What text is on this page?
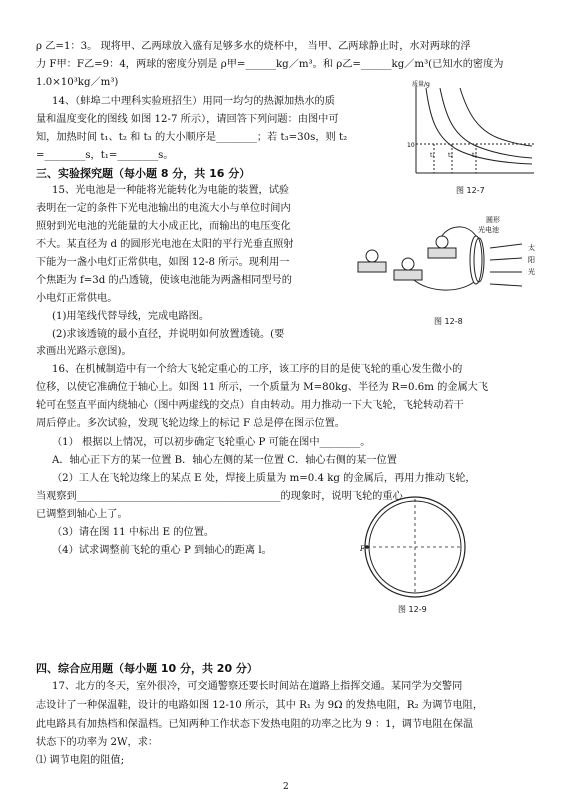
ρ 乙=1：3。 现将甲、乙两球放入盛有足够多水的烧杯中， 当甲、乙两球静止时，水对两球的浮
力 F甲：F乙=9：4，两球的密度分别是 ρ甲=______kg／m³。和 ρ乙=______kg／m³(已知水的密度为
1.0×10³kg／m³)
14、（蚌埠二中理科实验班招生）用同一均匀的热源加热水的质
量和温度变化的图线 如图 12-7 所示），请回答下列问题：由图中可
知，加热时间 t₁、t₂ 和 t₃ 的大小顺序是________；若 t₃=30s，则 t₂
=________s，t₁=________s。
三、实验探究题（每小题 8 分，共 16 分）
15、光电池是一种能将光能转化为电能的装置，试验
表明在一定的条件下光电池输出的电流大小与单位时间内
照射到光电池的光能量的大小成正比，而输出的电压变化
不大。某直径为 d 的圆形光电池在太阳的平行光垂直照射
下能为一盏小电灯正常供电，如图 12-8 所示。现利用一
个焦距为 f=3d 的凸透镜，使该电池能为两盏相同型号的
小电灯正常供电。
(1)用笔线代替导线，完成电路图。
(2)求该透镜的最小直径，并说明如何放置透镜。(要
求画出光路示意图)。
16、在机械制造中有一个给大飞轮定重心的工序，该工序的目的是使飞轮的重心发生微小的
位移，以使它准确位于轴心上。如图 11 所示，一个质量为 M=80kg、半径为 R=0.6m 的金属大飞
轮可在竖直平面内绕轴心（图中两虚线的交点）自由转动。用力推动一下大飞轮，飞轮转动若干
周后停止。多次试验，发现飞轮边缘上的标记 F 总是停在图示位置。
（1） 根据以上情况，可以初步确定飞轮重心 P 可能在图中________。
A．轴心正下方的某一位置 B．轴心左侧的某一位置 C．轴心右侧的某一位置
（2）工人在飞轮边缘上的某点 E 处，焊接上质量为 m=0.4 kg 的金属后，再用力推动飞轮，
当观察到________________________________________的现象时，说明飞轮的重心
已调整到轴心上了。
（3）请在图 11 中标出 E 的位置。
（4）试求调整前飞轮的重心 P 到轴心的距离 l。
四、综合应用题（每小题 10 分，共 20 分）
17、北方的冬天，室外很冷，可交通警察还要长时间站在道路上指挥交通。某同学为交警同
志设计了一种保温鞋，设计的电路如图 12-10 所示，其中 R₁ 为 9Ω 的发热电阻，R₂ 为调节电阻，
此电路具有加热档和保温档。已知两种工作状态下发热电阻的功率之比为 9 ：1，调节电阻在保温
状态下的功率为 2W，求：
⑴ 调节电阻的阻值;
质量/g
10
t₁ t₂	t₃
图 12-7
圆形
光电池
太
阳
光
图 12-8
F
图 12-9
2
